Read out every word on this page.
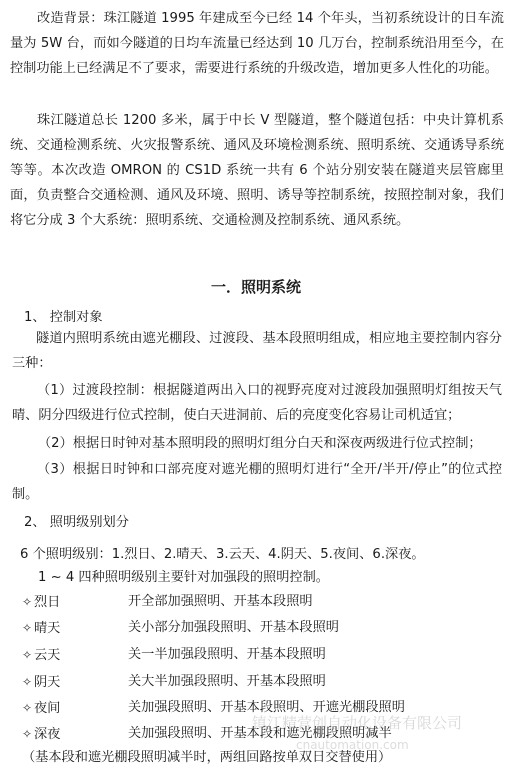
改造背景：珠江隧道 1995 年建成至今已经 14 个年头，当初系统设计的日车流量为 5W 台，而如今隧道的日均车流量已经达到 10 几万台，控制系统沿用至今，在控制功能上已经满足不了要求，需要进行系统的升级改造，增加更多人性化的功能。

珠江隧道总长 1200 多米，属于中长 V 型隧道，整个隧道包括：中央计算机系统、交通检测系统、火灾报警系统、通风及环境检测系统、照明系统、交通诱导系统等等。本次改造 OMRON 的 CS1D 系统一共有 6 个站分别安装在隧道夹层管廊里面，负责整合交通检测、通风及环境、照明、诱导等控制系统，按照控制对象，我们将它分成 3 个大系统：照明系统、交通检测及控制系统、通风系统。

一．照明系统

1、 控制对象

隧道内照明系统由遮光棚段、过渡段、基本段照明组成，相应地主要控制内容分三种：

（1）过渡段控制：根据隧道两出入口的视野亮度对过渡段加强照明灯组按天气晴、阴分四级进行位式控制，使白天进洞前、后的亮度变化容易让司机适宜；

（2）根据日时钟对基本照明段的照明灯组分白天和深夜两级进行位式控制；

（3）根据日时钟和口部亮度对遮光棚的照明灯进行“全开/半开/停止”的位式控制。

2、 照明级别划分

6 个照明级别：1.烈日、2.晴天、3.云天、4.阴天、5.夜间、6.深夜。

1 ~ 4 四种照明级别主要针对加强段的照明控制。

✧ 烈日	开全部加强照明、开基本段照明
✧ 晴天	关小部分加强段照明、开基本段照明
✧ 云天	关一半加强段照明、开基本段照明
✧ 阴天	关大半加强段照明、开基本段照明
✧ 夜间	关加强段照明、开基本段照明、开遮光棚段照明
✧ 深夜	关加强段照明、开基本段和遮光棚段照明减半

（基本段和遮光棚段照明减半时，两组回路按单双日交替使用）

镇江精营创自动化设备有限公司
cnautomation.com
